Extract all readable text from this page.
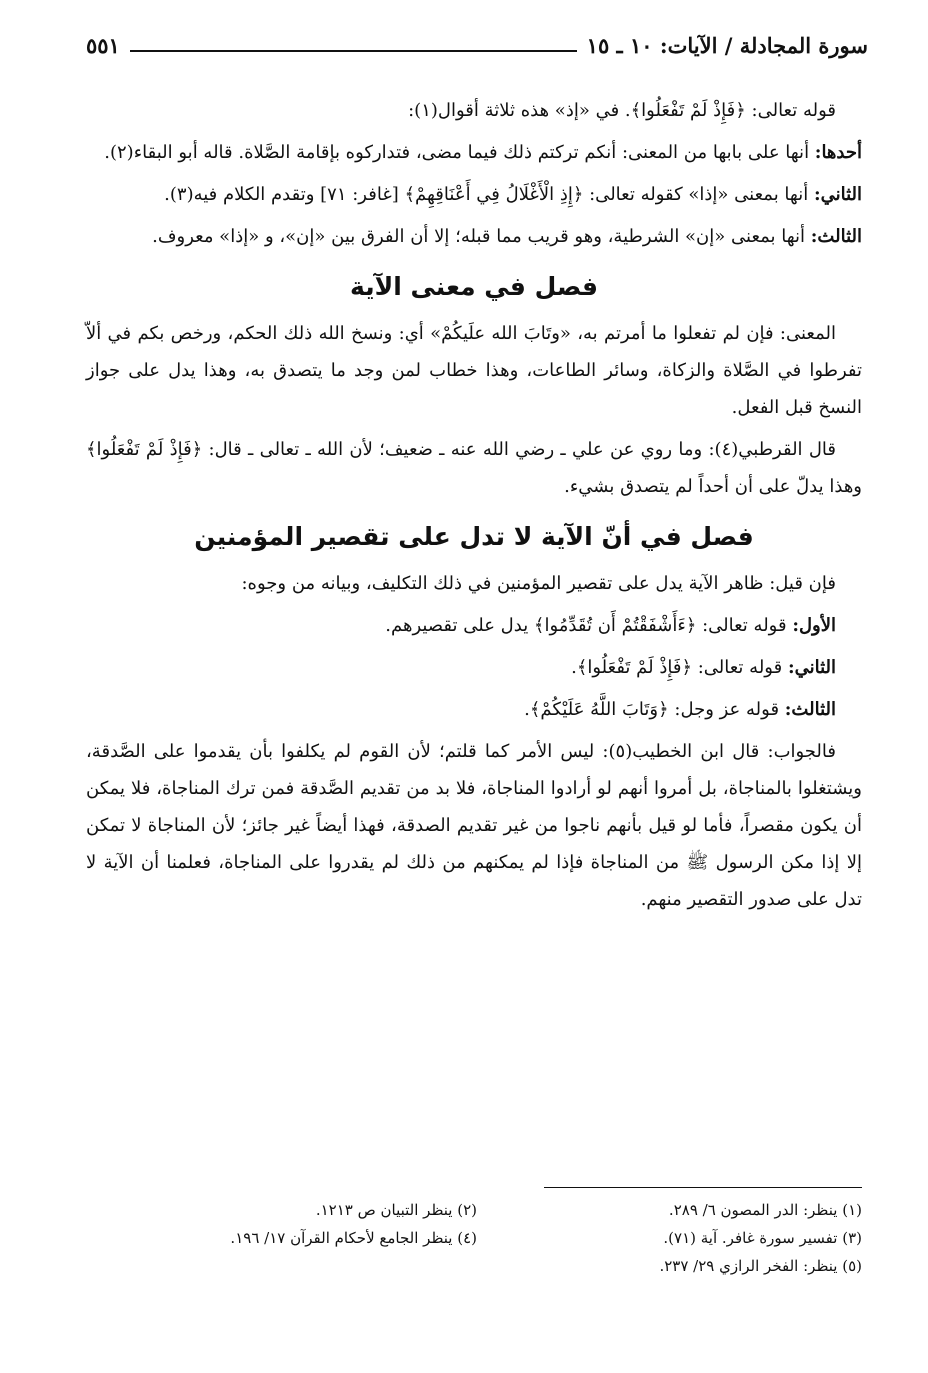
سورة المجادلة / الآيات: ١٠ ـ ١٥
٥٥١

قوله تعالى: ﴿فَإِذْ لَمْ تَفْعَلُوا﴾. في «إذ» هذه ثلاثة أقوال(١):

أحدها: أنها على بابها من المعنى: أنكم تركتم ذلك فيما مضى، فتداركوه بإقامة الصَّلاة. قاله أبو البقاء(٢).

الثاني: أنها بمعنى «إذا» كقوله تعالى: ﴿إِذِ الْأَغْلَالُ فِي أَعْنَاقِهِمْ﴾ [غافر: ٧١] وتقدم الكلام فيه(٣).

الثالث: أنها بمعنى «إن» الشرطية، وهو قريب مما قبله؛ إلا أن الفرق بين «إن»، و «إذا» معروف.

فصل في معنى الآية

المعنى: فإن لم تفعلوا ما أمرتم به، «وتَابَ الله علَيكُمْ» أي: ونسخ الله ذلك الحكم، ورخص بكم في ألاّ تفرطوا في الصَّلاة والزكاة، وسائر الطاعات، وهذا خطاب لمن وجد ما يتصدق به، وهذا يدل على جواز النسخ قبل الفعل.

قال القرطبي(٤): وما روي عن علي ـ رضي الله عنه ـ ضعيف؛ لأن الله ـ تعالى ـ قال: ﴿فَإِذْ لَمْ تَفْعَلُوا﴾ وهذا يدلّ على أن أحداً لم يتصدق بشيء.

فصل في أنّ الآية لا تدل على تقصير المؤمنين

فإن قيل: ظاهر الآية يدل على تقصير المؤمنين في ذلك التكليف، وبيانه من وجوه:

الأول: قوله تعالى: ﴿ءَأَشْفَقْتُمْ أَن تُقَدِّمُوا﴾ يدل على تقصيرهم.

الثاني: قوله تعالى: ﴿فَإِذْ لَمْ تَفْعَلُوا﴾.

الثالث: قوله عز وجل: ﴿وَتَابَ اللَّهُ عَلَيْكُمْ﴾.

فالجواب: قال ابن الخطيب(٥): ليس الأمر كما قلتم؛ لأن القوم لم يكلفوا بأن يقدموا على الصَّدقة، ويشتغلوا بالمناجاة، بل أمروا أنهم لو أرادوا المناجاة، فلا بد من تقديم الصَّدقة فمن ترك المناجاة، فلا يمكن أن يكون مقصراً، فأما لو قيل بأنهم ناجوا من غير تقديم الصدقة، فهذا أيضاً غير جائز؛ لأن المناجاة لا تمكن إلا إذا مكن الرسول ﷺ من المناجاة فإذا لم يمكنهم من ذلك لم يقدروا على المناجاة، فعلمنا أن الآية لا تدل على صدور التقصير منهم.

(١) ينظر: الدر المصون ٦/ ٢٨٩.
(٢) ينظر التبيان ص ١٢١٣.
(٣) تفسير سورة غافر. آية (٧١).
(٤) ينظر الجامع لأحكام القرآن ١٧/ ١٩٦.
(٥) ينظر: الفخر الرازي ٢٩/ ٢٣٧.
